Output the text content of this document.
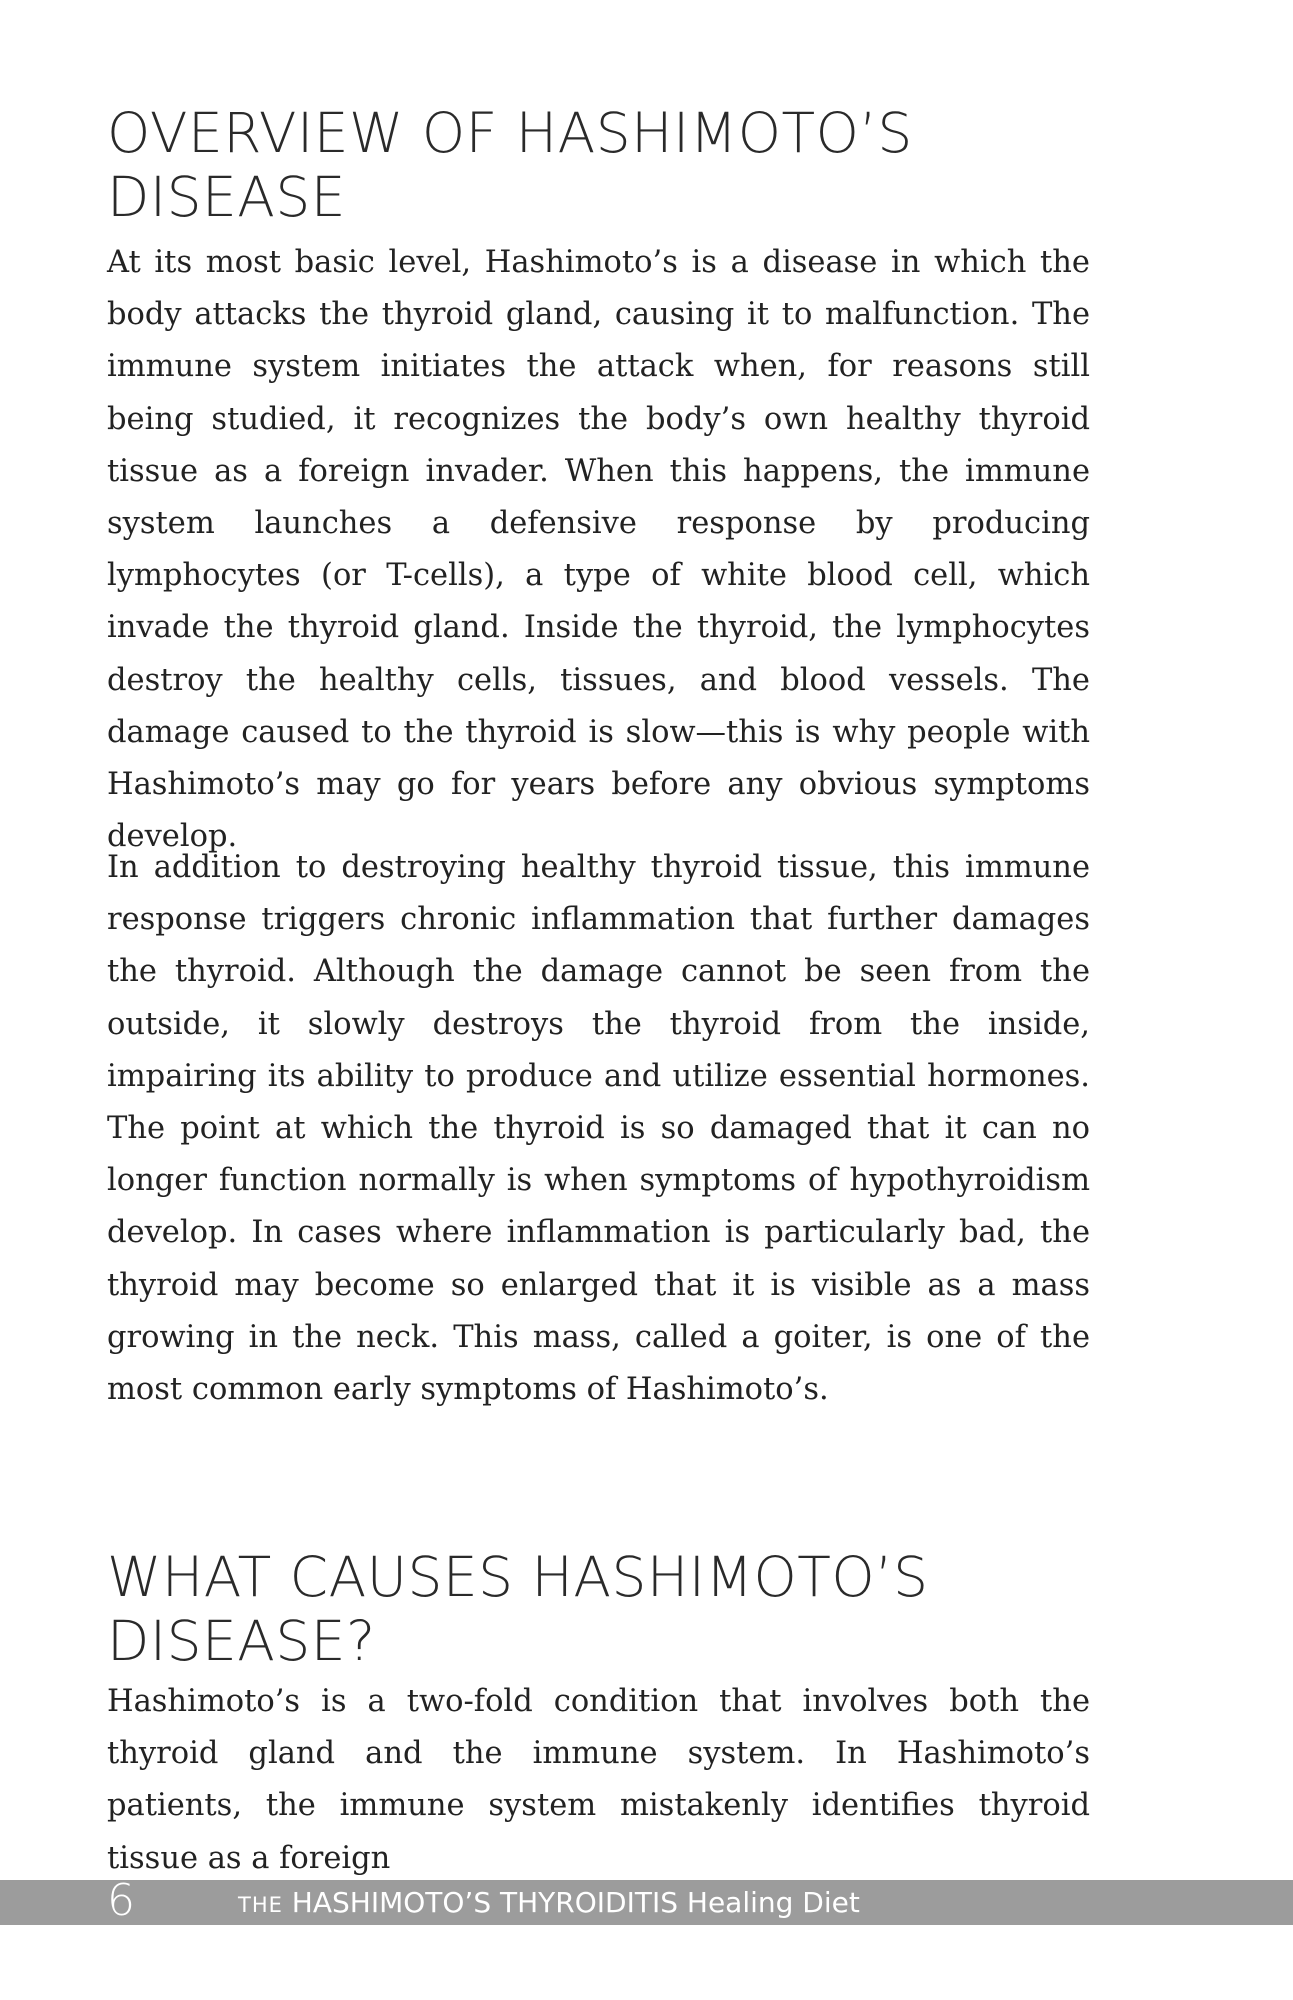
OVERVIEW OF HASHIMOTO’S DISEASE

At its most basic level, Hashimoto’s is a disease in which the body attacks the thyroid gland, causing it to malfunction. The immune system initiates the attack when, for reasons still being studied, it recognizes the body’s own healthy thyroid tissue as a foreign invader. When this happens, the immune system launches a defensive response by producing lymphocytes (or T-cells), a type of white blood cell, which invade the thyroid gland. Inside the thyroid, the lymphocytes destroy the healthy cells, tissues, and blood vessels. The damage caused to the thyroid is slow—this is why people with Hashimoto’s may go for years before any obvious symptoms develop.

In addition to destroying healthy thyroid tissue, this immune response triggers chronic inflammation that further damages the thyroid. Although the damage cannot be seen from the outside, it slowly destroys the thyroid from the inside, impairing its ability to produce and utilize essential hormones. The point at which the thyroid is so damaged that it can no longer function normally is when symptoms of hypothyroidism develop. In cases where inflammation is particularly bad, the thyroid may become so enlarged that it is visible as a mass growing in the neck. This mass, called a goiter, is one of the most common early symptoms of Hashimoto’s.

WHAT CAUSES HASHIMOTO’S DISEASE?

Hashimoto’s is a two-fold condition that involves both the thyroid gland and the immune system. In Hashimoto’s patients, the immune system mistakenly identifies thyroid tissue as a foreign

6	THE HASHIMOTO’S THYROIDITIS Healing Diet
